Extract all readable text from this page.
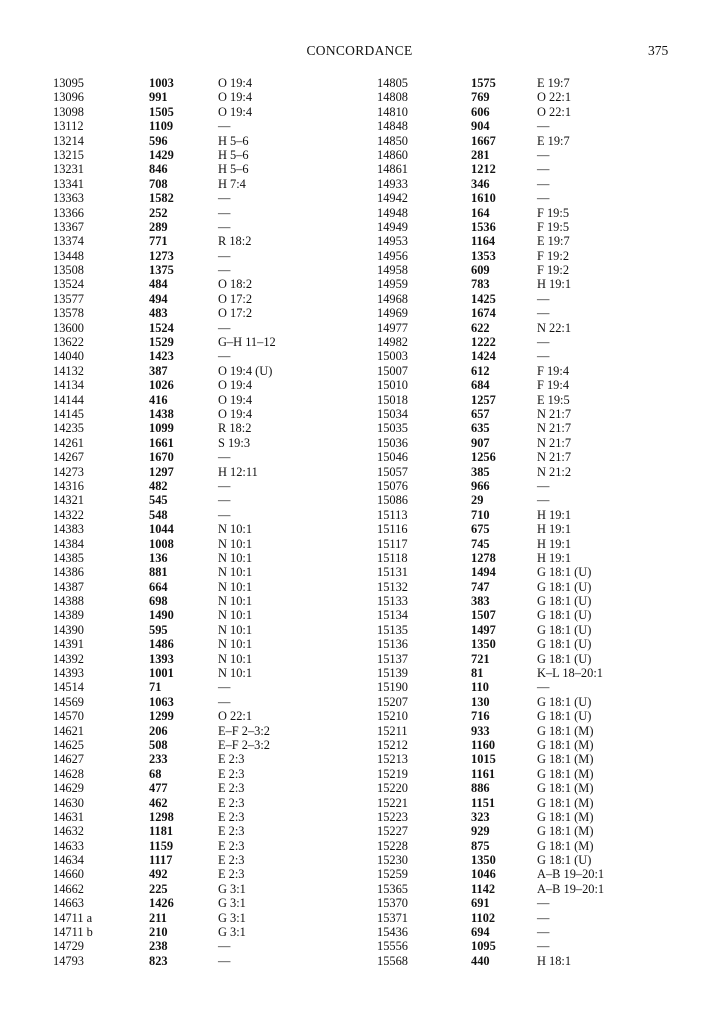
CONCORDANCE	375
13095	1003	O 19:4
13096	991	O 19:4
13098	1505	O 19:4
13112	1109	—
13214	596	H 5–6
13215	1429	H 5–6
13231	846	H 5–6
13341	708	H 7:4
13363	1582	—
13366	252	—
13367	289	—
13374	771	R 18:2
13448	1273	—
13508	1375	—
13524	484	O 18:2
13577	494	O 17:2
13578	483	O 17:2
13600	1524	—
13622	1529	G–H 11–12
14040	1423	—
14132	387	O 19:4 (U)
14134	1026	O 19:4
14144	416	O 19:4
14145	1438	O 19:4
14235	1099	R 18:2
14261	1661	S 19:3
14267	1670	—
14273	1297	H 12:11
14316	482	—
14321	545	—
14322	548	—
14383	1044	N 10:1
14384	1008	N 10:1
14385	136	N 10:1
14386	881	N 10:1
14387	664	N 10:1
14388	698	N 10:1
14389	1490	N 10:1
14390	595	N 10:1
14391	1486	N 10:1
14392	1393	N 10:1
14393	1001	N 10:1
14514	71	—
14569	1063	—
14570	1299	O 22:1
14621	206	E–F 2–3:2
14625	508	E–F 2–3:2
14627	233	E 2:3
14628	68	E 2:3
14629	477	E 2:3
14630	462	E 2:3
14631	1298	E 2:3
14632	1181	E 2:3
14633	1159	E 2:3
14634	1117	E 2:3
14660	492	E 2:3
14662	225	G 3:1
14663	1426	G 3:1
14711 a	211	G 3:1
14711 b	210	G 3:1
14729	238	—
14793	823	—
14805	1575	E 19:7
14808	769	O 22:1
14810	606	O 22:1
14848	904	—
14850	1667	E 19:7
14860	281	—
14861	1212	—
14933	346	—
14942	1610	—
14948	164	F 19:5
14949	1536	F 19:5
14953	1164	E 19:7
14956	1353	F 19:2
14958	609	F 19:2
14959	783	H 19:1
14968	1425	—
14969	1674	—
14977	622	N 22:1
14982	1222	—
15003	1424	—
15007	612	F 19:4
15010	684	F 19:4
15018	1257	E 19:5
15034	657	N 21:7
15035	635	N 21:7
15036	907	N 21:7
15046	1256	N 21:7
15057	385	N 21:2
15076	966	—
15086	29	—
15113	710	H 19:1
15116	675	H 19:1
15117	745	H 19:1
15118	1278	H 19:1
15131	1494	G 18:1 (U)
15132	747	G 18:1 (U)
15133	383	G 18:1 (U)
15134	1507	G 18:1 (U)
15135	1497	G 18:1 (U)
15136	1350	G 18:1 (U)
15137	721	G 18:1 (U)
15139	81	K–L 18–20:1
15190	110	—
15207	130	G 18:1 (U)
15210	716	G 18:1 (U)
15211	933	G 18:1 (M)
15212	1160	G 18:1 (M)
15213	1015	G 18:1 (M)
15219	1161	G 18:1 (M)
15220	886	G 18:1 (M)
15221	1151	G 18:1 (M)
15223	323	G 18:1 (M)
15227	929	G 18:1 (M)
15228	875	G 18:1 (M)
15230	1350	G 18:1 (U)
15259	1046	A–B 19–20:1
15365	1142	A–B 19–20:1
15370	691	—
15371	1102	—
15436	694	—
15556	1095	—
15568	440	H 18:1
